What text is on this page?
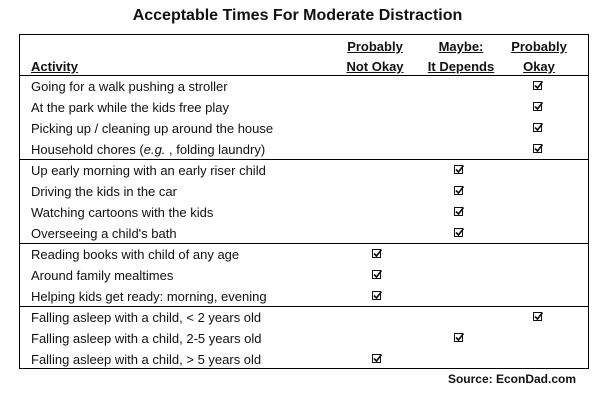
Acceptable Times For Moderate Distraction
Activity
Probably
Not Okay
Maybe:
It Depends
Probably
Okay
Going for a walk pushing a stroller
At the park while the kids free play
Picking up / cleaning up around the house
Household chores (e.g. , folding laundry)
Up early morning with an early riser child
Driving the kids in the car
Watching cartoons with the kids
Overseeing a child's bath
Reading books with child of any age
Around family mealtimes
Helping kids get ready: morning, evening
Falling asleep with a child, < 2 years old
Falling asleep with a child, 2-5 years old
Falling asleep with a child, > 5 years old
Source: EconDad.com
